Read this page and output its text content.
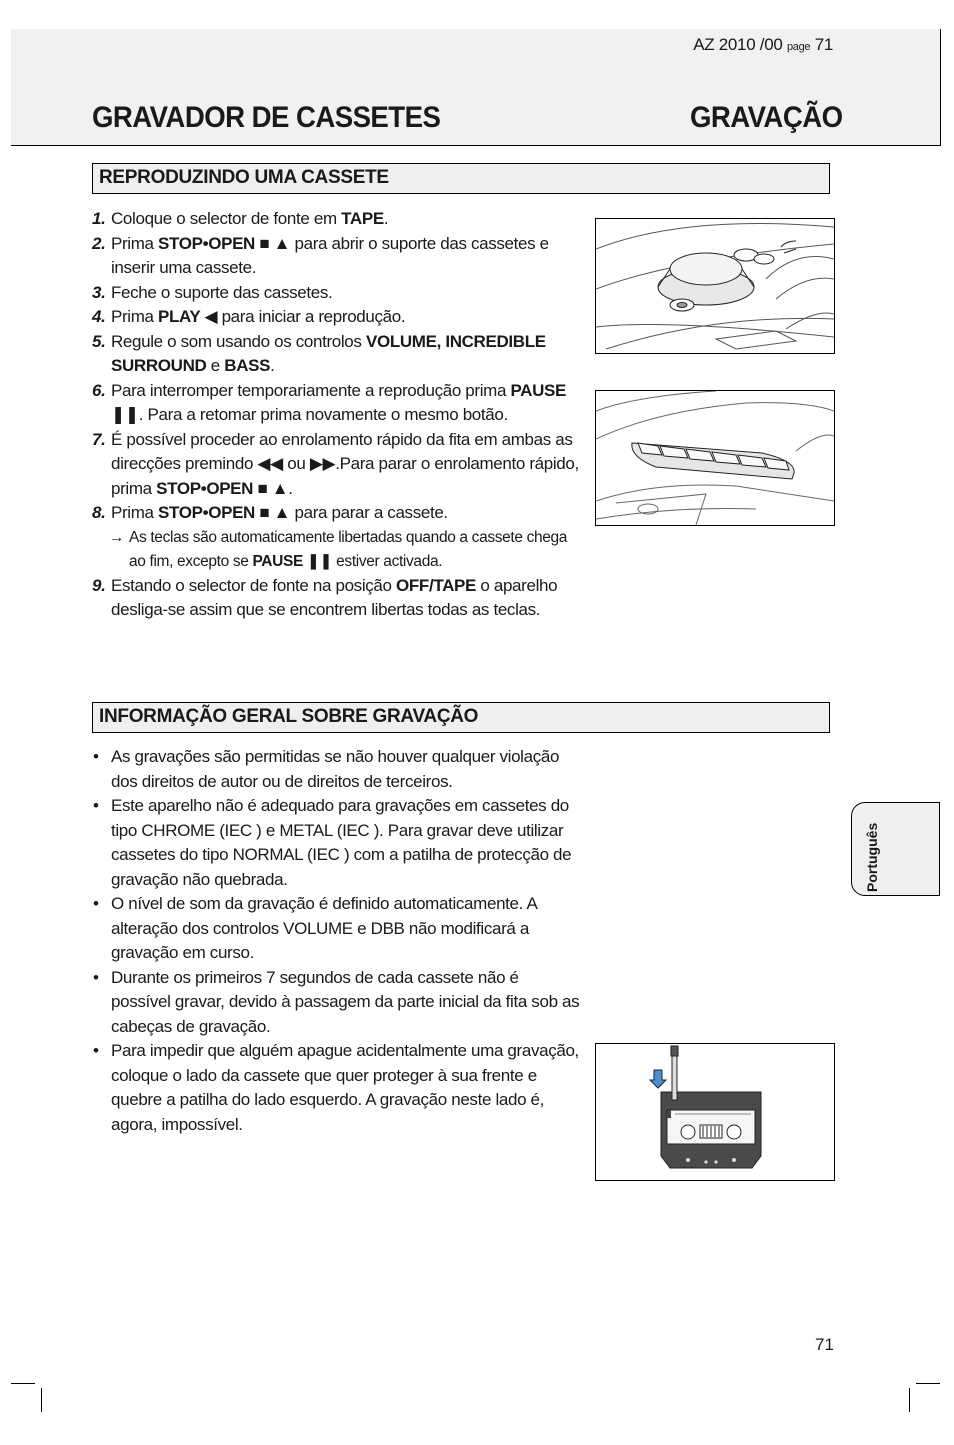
AZ 2010 /00 page 71
GRAVADOR DE CASSETES	GRAVAÇÃO
REPRODUZINDO UMA CASSETE
1. Coloque o selector de fonte em TAPE.
2. Prima STOP•OPEN ■ ▲ para abrir o suporte das cassetes e inserir uma cassete.
3. Feche o suporte das cassetes.
4. Prima PLAY ◀ para iniciar a reprodução.
5. Regule o som usando os controlos VOLUME, INCREDIBLE SURROUND e BASS.
6. Para interromper temporariamente a reprodução prima PAUSE ❚❚. Para a retomar prima novamente o mesmo botão.
7. É possível proceder ao enrolamento rápido da fita em ambas as direcções premindo ◀◀ ou ▶▶.Para parar o enrolamento rápido, prima STOP•OPEN ■ ▲.
8. Prima STOP•OPEN ■ ▲ para parar a cassete.
→ As teclas são automaticamente libertadas quando a cassete chega ao fim, excepto se PAUSE ❚❚ estiver activada.
9. Estando o selector de fonte na posição OFF/TAPE o aparelho desliga-se assim que se encontrem libertas todas as teclas.
INFORMAÇÃO GERAL SOBRE GRAVAÇÃO
• As gravações são permitidas se não houver qualquer violação dos direitos de autor ou de direitos de terceiros.
• Este aparelho não é adequado para gravações em cassetes do tipo CHROME (IEC ) e METAL (IEC ). Para gravar deve utilizar cassetes do tipo NORMAL (IEC ) com a patilha de protecção de gravação não quebrada.
• O nível de som da gravação é definido automaticamente. A alteração dos controlos VOLUME e DBB não modificará a gravação em curso.
• Durante os primeiros 7 segundos de cada cassete não é possível gravar, devido à passagem da parte inicial da fita sob as cabeças de gravação.
• Para impedir que alguém apague acidentalmente uma gravação, coloque o lado da cassete que quer proteger à sua frente e quebre a patilha do lado esquerdo. A gravação neste lado é, agora, impossível.
Português
71
